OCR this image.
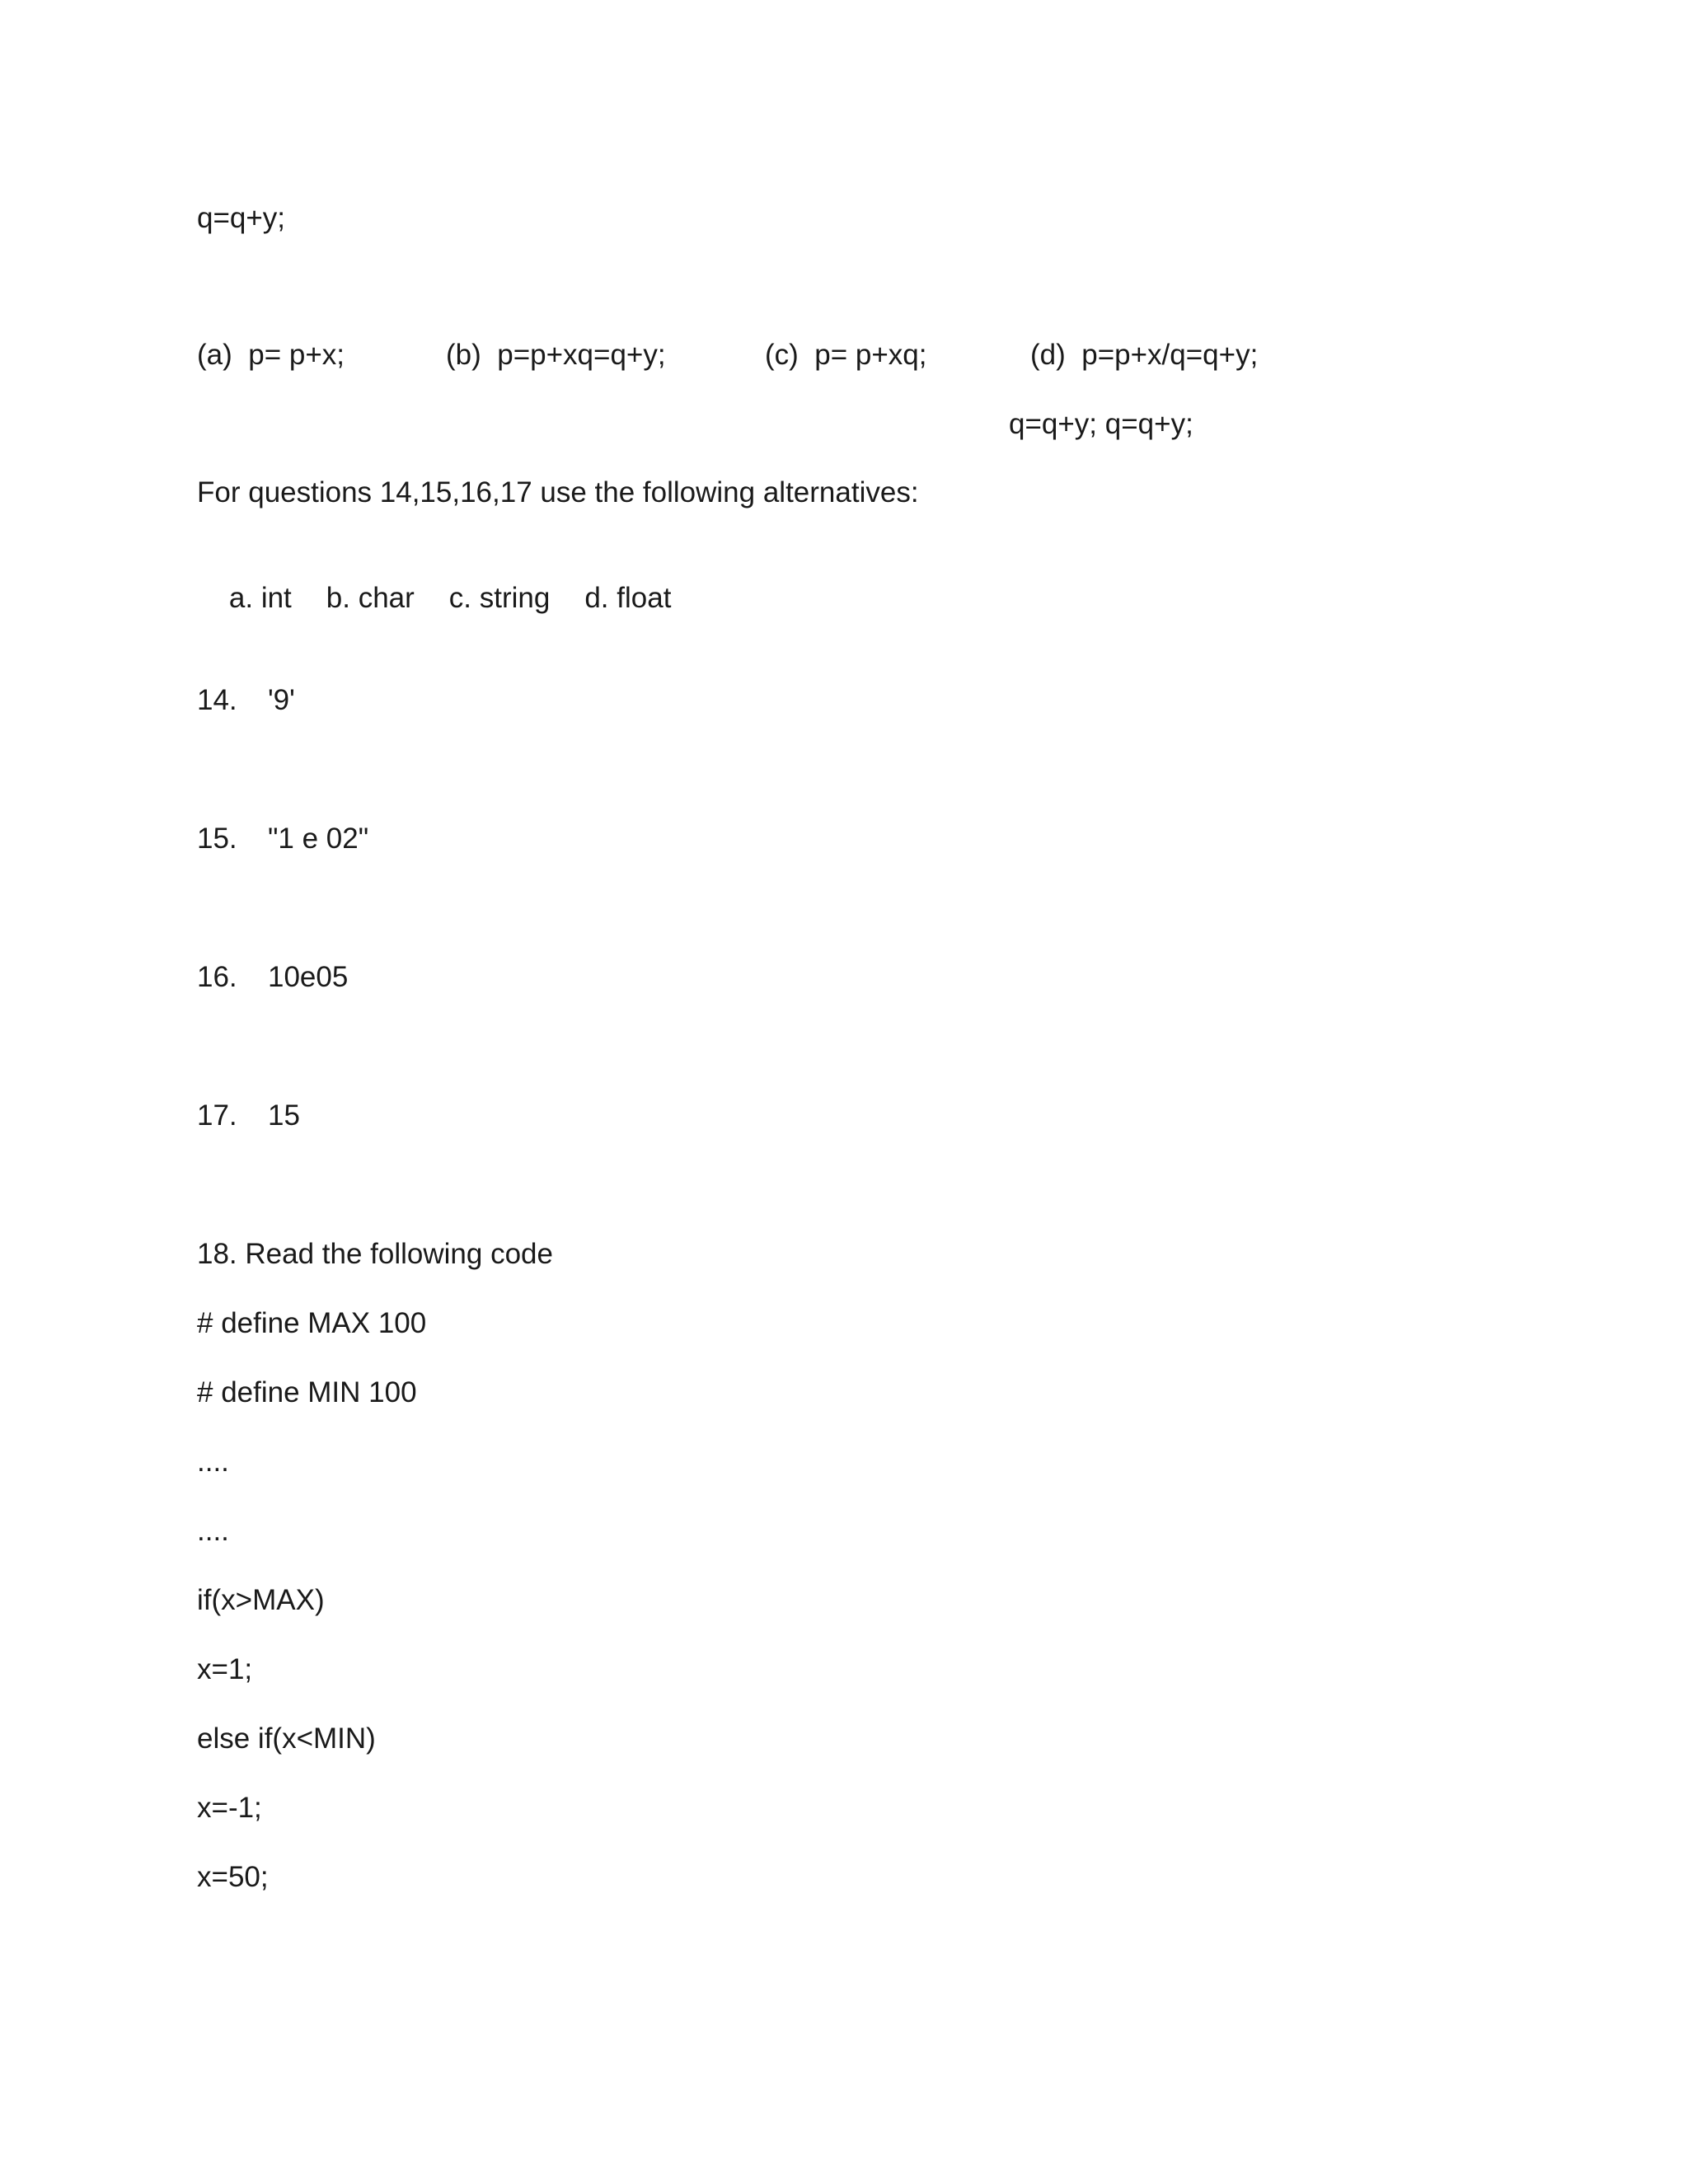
q=q+y;
(a)  p= p+x;	(b)  p=p+xq=q+y;	(c)  p= p+xq;	(d)  p=p+x/q=q+y;
q=q+y; q=q+y;
For questions 14,15,16,17 use the following alternatives:

a. int b. char c. string d. float

14. '9'
15. "1 e 02"
16. 10e05
17. 15
18. Read the following code
# define MAX 100
# define MIN 100
....
....
if(x>MAX)
x=1;
else if(x<MIN)
x=-1;
x=50;
